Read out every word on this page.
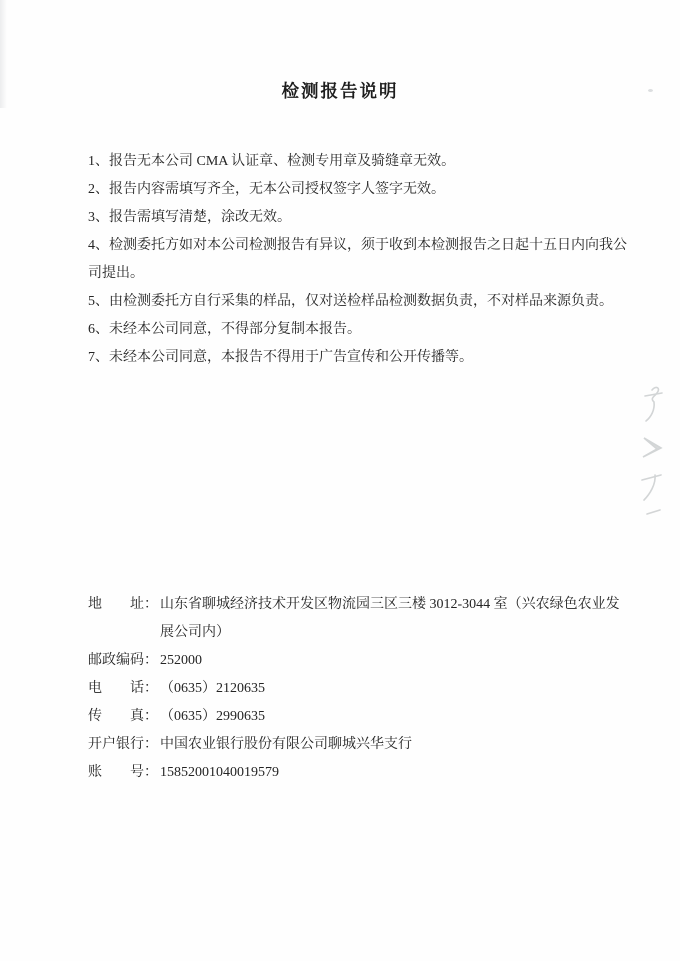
检测报告说明

1、报告无本公司 CMA 认证章、检测专用章及骑缝章无效。

2、报告内容需填写齐全，无本公司授权签字人签字无效。

3、报告需填写清楚，涂改无效。

4、检测委托方如对本公司检测报告有异议，须于收到本检测报告之日起十五日内向我公司提出。

5、由检测委托方自行采集的样品，仅对送检样品检测数据负责，不对样品来源负责。

6、未经本公司同意，不得部分复制本报告。

7、未经本公司同意，本报告不得用于广告宣传和公开传播等。

地　　址 ： 山东省聊城经济技术开发区物流园三区三楼 3012-3044 室（兴农绿色农业发展公司内）
邮政编码 ： 252000
电　　话 ： （0635）2120635
传　　真 ： （0635）2990635
开户银行 ： 中国农业银行股份有限公司聊城兴华支行
账　　号 ： 15852001040019579
